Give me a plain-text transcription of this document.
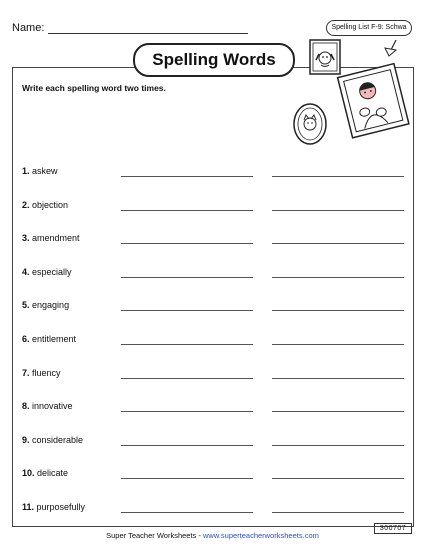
Name:	Spelling List F-9: Schwa
Spelling Words
Write each spelling word two times.
1. askew
2. objection
3. amendment
4. especially
5. engaging
6. entitlement
7. fluency
8. innovative
9. considerable
10. delicate
11. purposefully
Super Teacher Worksheets - www.superteacherworksheets.com
300707
